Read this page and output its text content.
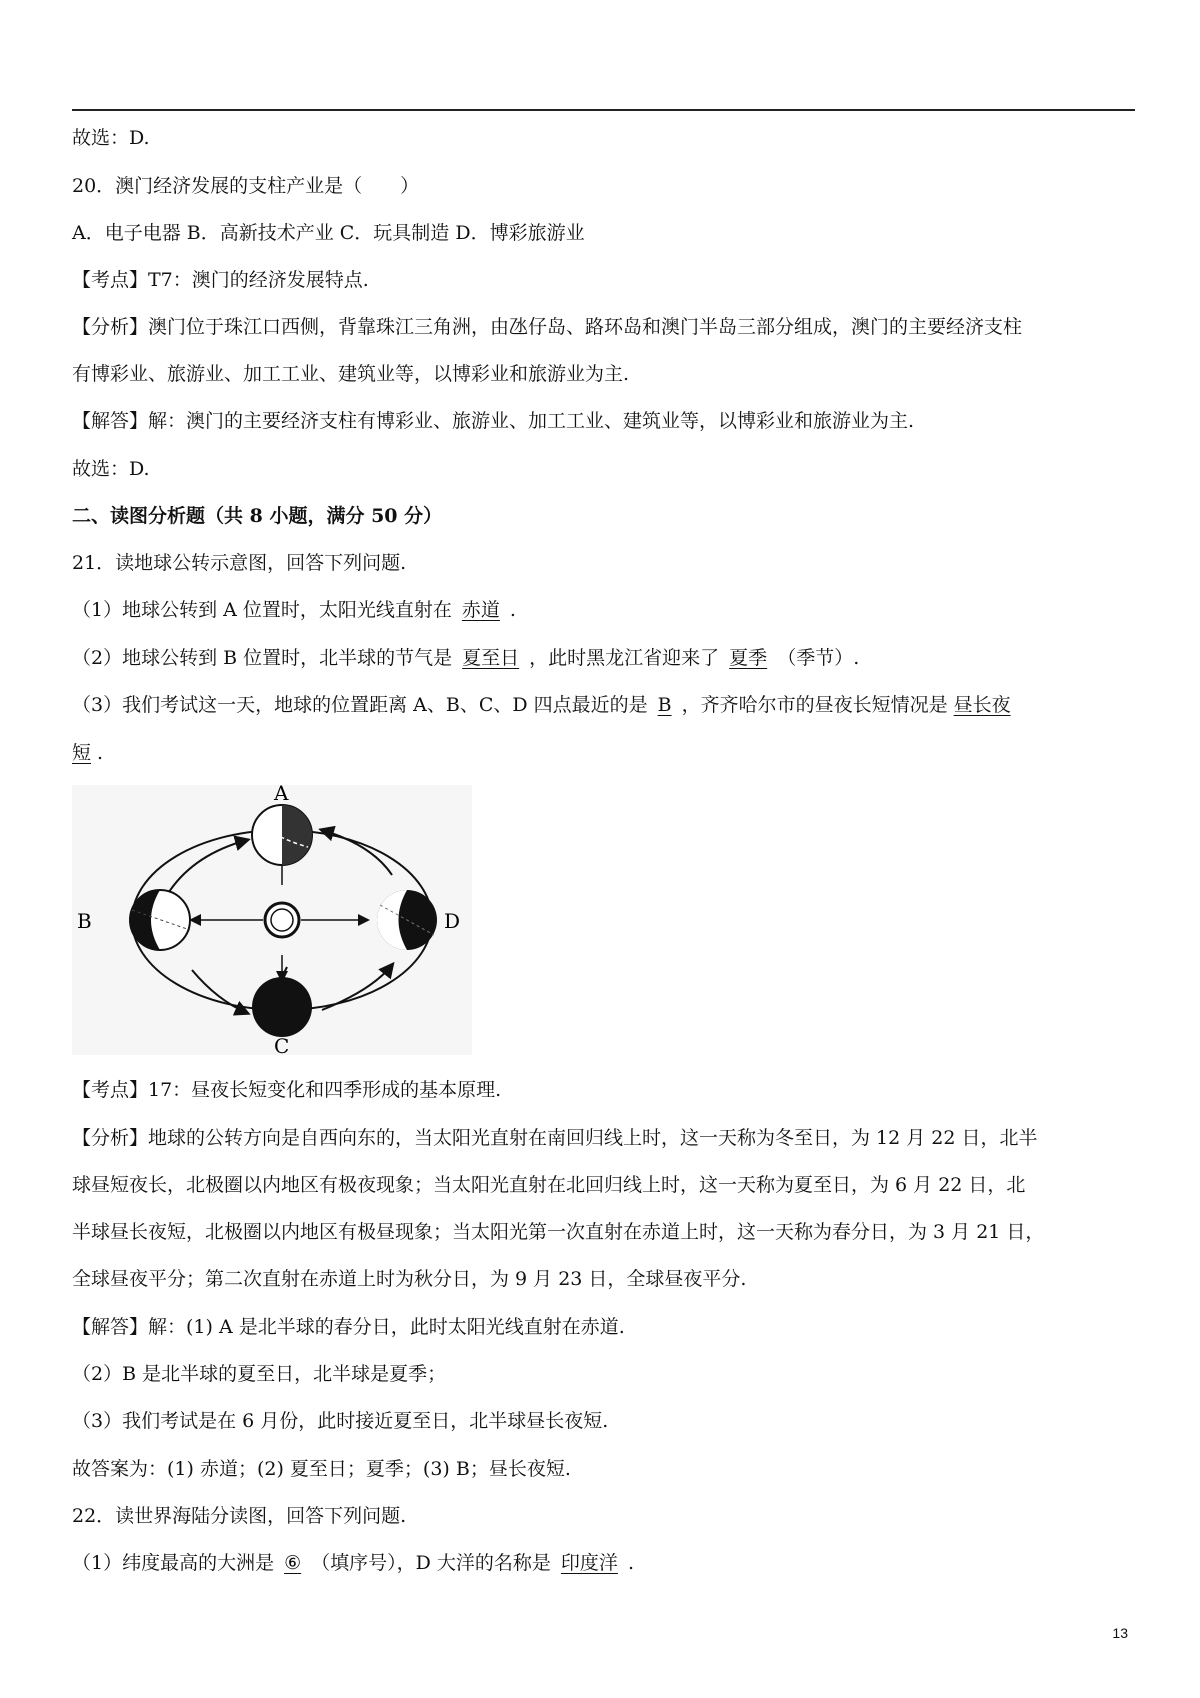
故选：D.
20．澳门经济发展的支柱产业是（　　）
A．电子电器 B．高新技术产业 C．玩具制造 D．博彩旅游业
【考点】T7：澳门的经济发展特点.
【分析】澳门位于珠江口西侧，背靠珠江三角洲，由氹仔岛、路环岛和澳门半岛三部分组成，澳门的主要经济支柱
有博彩业、旅游业、加工工业、建筑业等，以博彩业和旅游业为主.
【解答】解：澳门的主要经济支柱有博彩业、旅游业、加工工业、建筑业等，以博彩业和旅游业为主.
故选：D.
二、读图分析题（共 8 小题，满分 50 分）
21．读地球公转示意图，回答下列问题.
（1）地球公转到 A 位置时，太阳光线直射在 赤道 .
（2）地球公转到 B 位置时，北半球的节气是 夏至日 ，此时黑龙江省迎来了 夏季 （季节）.
（3）我们考试这一天，地球的位置距离 A、B、C、D 四点最近的是 B ，齐齐哈尔市的昼夜长短情况是 昼长夜
短 .
A
B
C
D
【考点】17：昼夜长短变化和四季形成的基本原理.
【分析】地球的公转方向是自西向东的，当太阳光直射在南回归线上时，这一天称为冬至日，为 12 月 22 日，北半
球昼短夜长，北极圈以内地区有极夜现象；当太阳光直射在北回归线上时，这一天称为夏至日，为 6 月 22 日，北
半球昼长夜短，北极圈以内地区有极昼现象；当太阳光第一次直射在赤道上时，这一天称为春分日，为 3 月 21 日，
全球昼夜平分；第二次直射在赤道上时为秋分日，为 9 月 23 日，全球昼夜平分.
【解答】解：(1) A 是北半球的春分日，此时太阳光线直射在赤道.
（2）B 是北半球的夏至日，北半球是夏季；
（3）我们考试是在 6 月份，此时接近夏至日，北半球昼长夜短.
故答案为：(1) 赤道；(2) 夏至日；夏季；(3) B；昼长夜短.
22．读世界海陆分读图，回答下列问题.
（1）纬度最高的大洲是 ⑥ （填序号），D 大洋的名称是 印度洋 .
13
